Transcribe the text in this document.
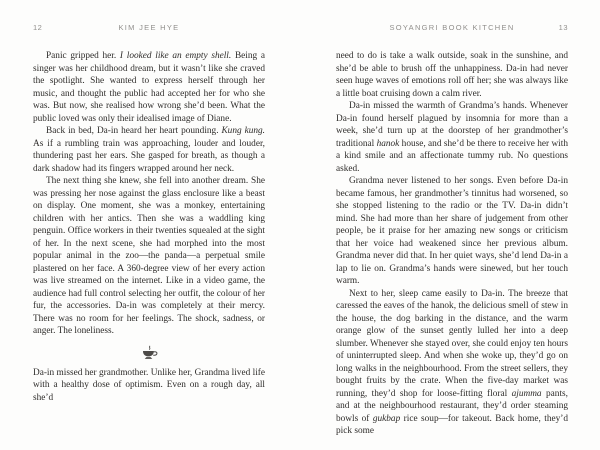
12	KIM JEE HYE

Panic gripped her. I looked like an empty shell. Being a singer was her childhood dream, but it wasn’t like she craved the spotlight. She wanted to express herself through her music, and thought the public had accepted her for who she was. But now, she realised how wrong she’d been. What the public loved was only their idealised image of Diane.

Back in bed, Da-in heard her heart pounding. Kung kung. As if a rumbling train was approaching, louder and louder, thundering past her ears. She gasped for breath, as though a dark shadow had its fingers wrapped around her neck.

The next thing she knew, she fell into another dream. She was pressing her nose against the glass enclosure like a beast on display. One moment, she was a monkey, entertaining children with her antics. Then she was a waddling king penguin. Office workers in their twenties squealed at the sight of her. In the next scene, she had morphed into the most popular animal in the zoo—the panda—a perpetual smile plastered on her face. A 360-degree view of her every action was live streamed on the internet. Like in a video game, the audience had full control selecting her outfit, the colour of her fur, the accessories. Da-in was completely at their mercy. There was no room for her feelings. The shock, sadness, or anger. The loneliness.

Da-in missed her grandmother. Unlike her, Grandma lived life with a healthy dose of optimism. Even on a rough day, all she’d

SOYANGRI BOOK KITCHEN	13

need to do is take a walk outside, soak in the sunshine, and she’d be able to brush off the unhappiness. Da-in had never seen huge waves of emotions roll off her; she was always like a little boat cruising down a calm river.

Da-in missed the warmth of Grandma’s hands. Whenever Da-in found herself plagued by insomnia for more than a week, she’d turn up at the doorstep of her grandmother’s traditional hanok house, and she’d be there to receive her with a kind smile and an affectionate tummy rub. No questions asked.

Grandma never listened to her songs. Even before Da-in became famous, her grandmother’s tinnitus had worsened, so she stopped listening to the radio or the TV. Da-in didn’t mind. She had more than her share of judgement from other people, be it praise for her amazing new songs or criticism that her voice had weakened since her previous album. Grandma never did that. In her quiet ways, she’d lend Da-in a lap to lie on. Grandma’s hands were sinewed, but her touch warm.

Next to her, sleep came easily to Da-in. The breeze that caressed the eaves of the hanok, the delicious smell of stew in the house, the dog barking in the distance, and the warm orange glow of the sunset gently lulled her into a deep slumber. Whenever she stayed over, she could enjoy ten hours of uninterrupted sleep. And when she woke up, they’d go on long walks in the neighbourhood. From the street sellers, they bought fruits by the crate. When the five-day market was running, they’d shop for loose-fitting floral ajumma pants, and at the neighbourhood restaurant, they’d order steaming bowls of gukbap rice soup—for takeout. Back home, they’d pick some
